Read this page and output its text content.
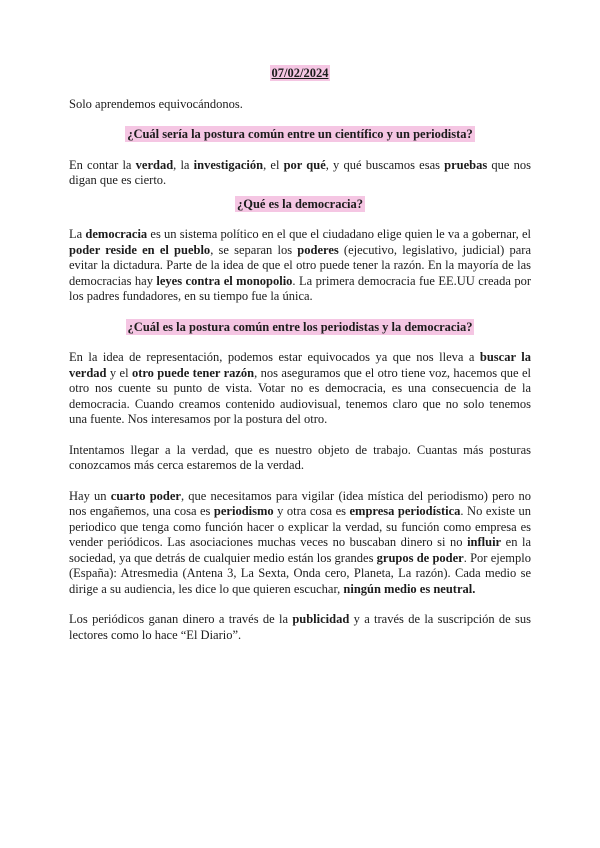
07/02/2024
Solo aprendemos equivocándonos.
¿Cuál sería la postura común entre un científico y un periodista?
En contar la verdad, la investigación, el por qué, y qué buscamos esas pruebas que nos digan que es cierto.
¿Qué es la democracia?
La democracia es un sistema político en el que el ciudadano elige quien le va a gobernar, el poder reside en el pueblo, se separan los poderes (ejecutivo, legislativo, judicial) para evitar la dictadura. Parte de la idea de que el otro puede tener la razón. En la mayoría de las democracias hay leyes contra el monopolio. La primera democracia fue EE.UU creada por los padres fundadores, en su tiempo fue la única.
¿Cuál es la postura común entre los periodistas y la democracia?
En la idea de representación, podemos estar equivocados ya que nos lleva a buscar la verdad y el otro puede tener razón, nos aseguramos que el otro tiene voz, hacemos que el otro nos cuente su punto de vista. Votar no es democracia, es una consecuencia de la democracia. Cuando creamos contenido audiovisual, tenemos claro que no solo tenemos una fuente. Nos interesamos por la postura del otro.
Intentamos llegar a la verdad, que es nuestro objeto de trabajo. Cuantas más posturas conozcamos más cerca estaremos de la verdad.
Hay un cuarto poder, que necesitamos para vigilar (idea mística del periodismo) pero no nos engañemos, una cosa es periodismo y otra cosa es empresa periodística. No existe un periodico que tenga como función hacer o explicar la verdad, su función como empresa es vender periódicos. Las asociaciones muchas veces no buscaban dinero si no influir en la sociedad, ya que detrás de cualquier medio están los grandes grupos de poder. Por ejemplo (España): Atresmedia (Antena 3, La Sexta, Onda cero, Planeta, La razón). Cada medio se dirige a su audiencia, les dice lo que quieren escuchar, ningún medio es neutral.
Los periódicos ganan dinero a través de la publicidad y a través de la suscripción de sus lectores como lo hace “El Diario”.
